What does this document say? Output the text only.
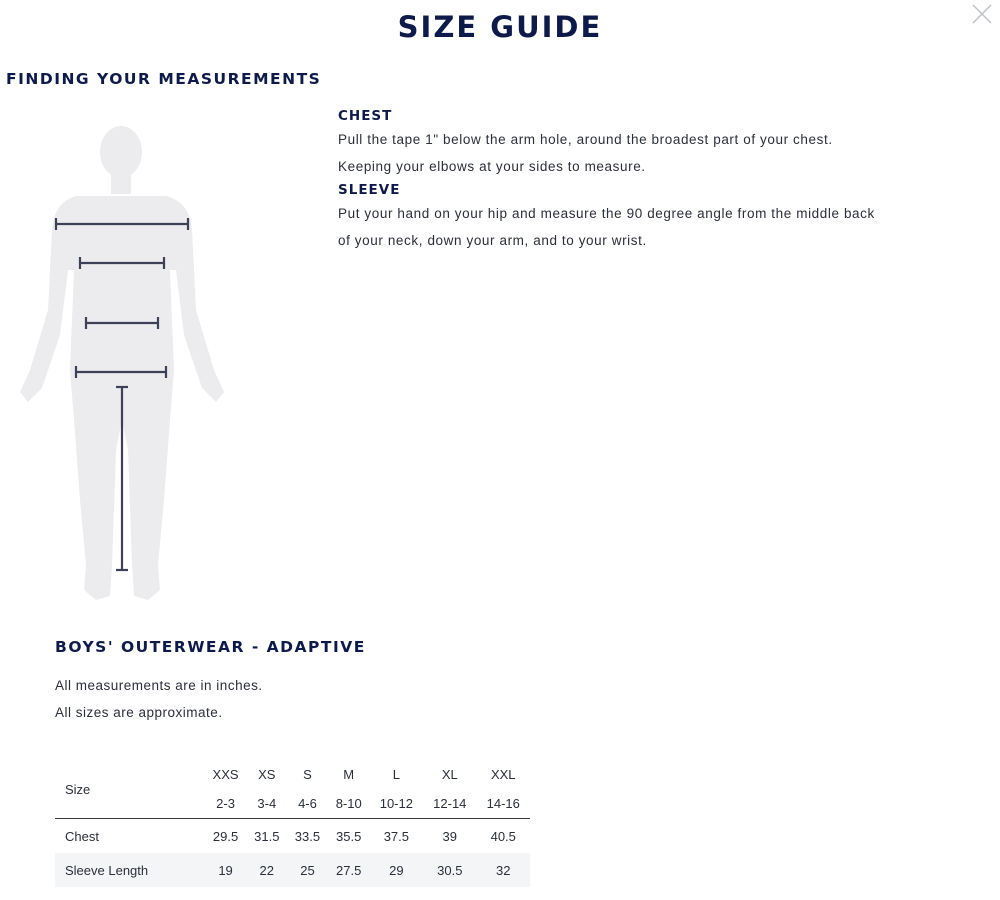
SIZE GUIDE
FINDING YOUR MEASUREMENTS
CHEST
Pull the tape 1" below the arm hole, around the broadest part of your chest.
Keeping your elbows at your sides to measure.
SLEEVE
Put your hand on your hip and measure the 90 degree angle from the middle back
of your neck, down your arm, and to your wrist.
BOYS' OUTERWEAR - ADAPTIVE
All measurements are in inches.
All sizes are approximate.
Size	XXS	XS	S	M	L	XL	XXL
	2-3	3-4	4-6	8-10	10-12	12-14	14-16
Chest	29.5	31.5	33.5	35.5	37.5	39	40.5
Sleeve Length	19	22	25	27.5	29	30.5	32
